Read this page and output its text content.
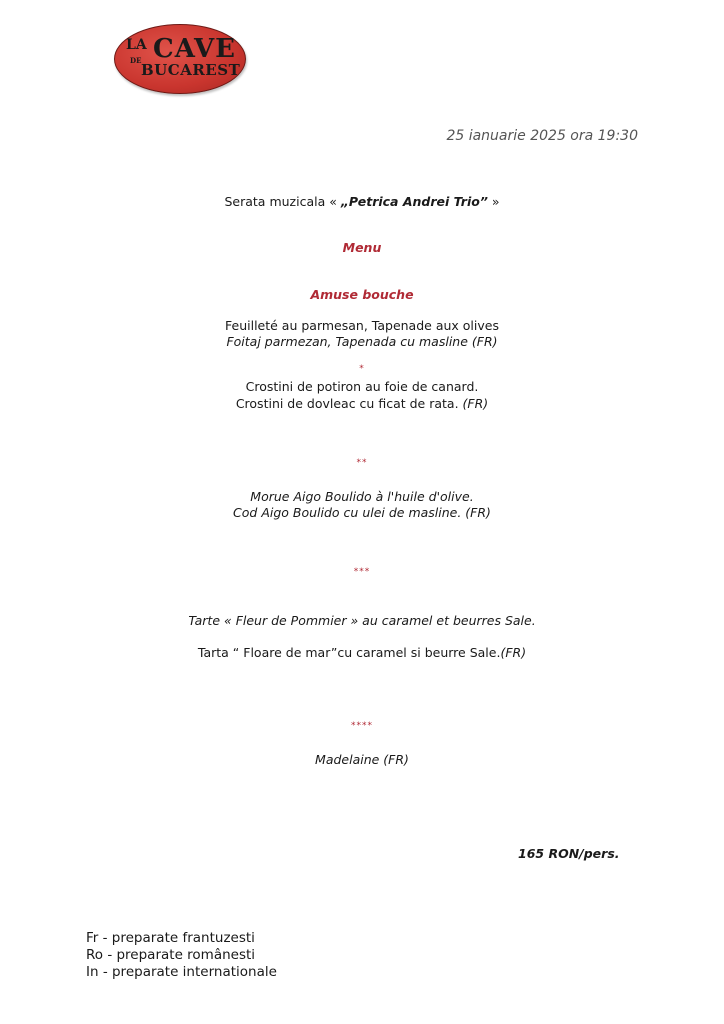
LA
DE CAVE
BUCAREST
25 ianuarie 2025 ora 19:30
Serata muzicala « „Petrica Andrei Trio” »
Menu
Amuse bouche
Feuilleté au parmesan, Tapenade aux olives
Foitaj parmezan, Tapenada cu masline (FR)
*
Crostini de potiron au foie de canard.
Crostini de dovleac cu ficat de rata. (FR)
**
Morue Aigo Boulido à l'huile d'olive.
Cod Aigo Boulido cu ulei de masline. (FR)
***
Tarte « Fleur de Pommier » au caramel et beurres Sale.
Tarta “ Floare de mar”cu caramel si beurre Sale.(FR)
****
Madelaine (FR)
165 RON/pers.
Fr - preparate frantuzesti
Ro - preparate românesti
In - preparate internationale
